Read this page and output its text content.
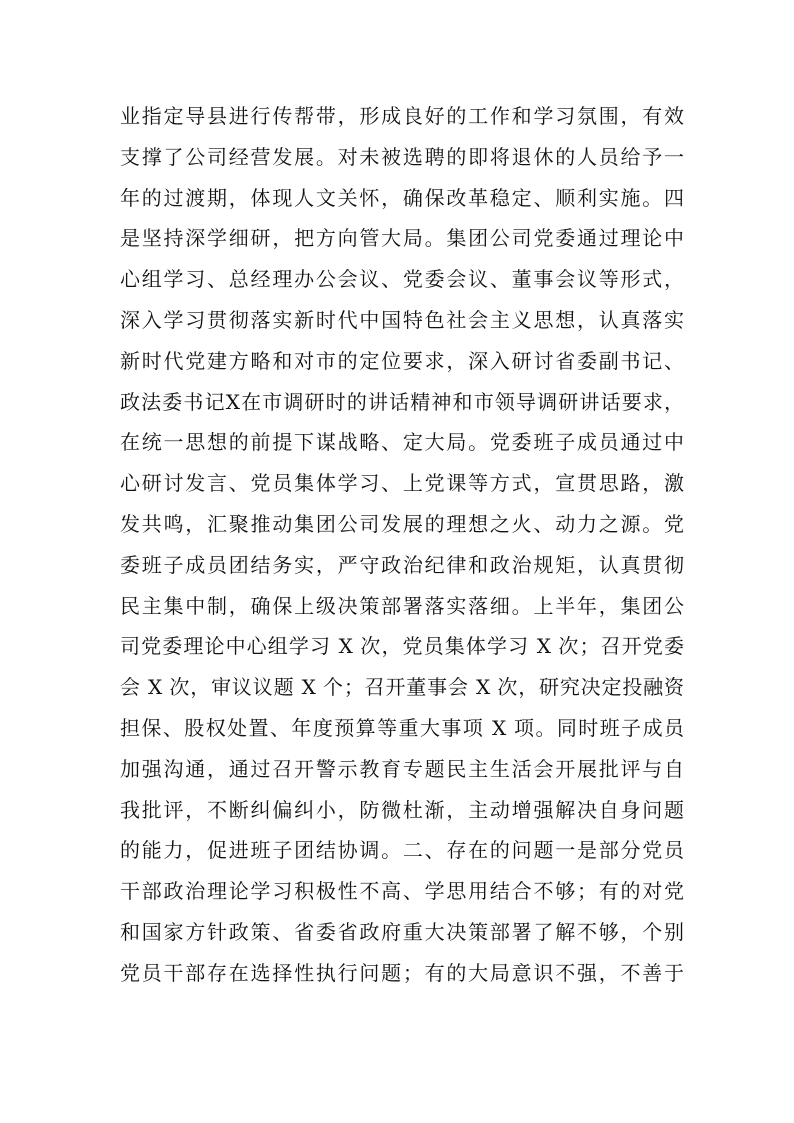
业指定导县进行传帮带，形成良好的工作和学习氛围，有效
支撑了公司经营发展。对未被选聘的即将退休的人员给予一
年的过渡期，体现人文关怀，确保改革稳定、顺利实施。四
是坚持深学细研，把方向管大局。集团公司党委通过理论中
心组学习、总经理办公会议、党委会议、董事会议等形式，
深入学习贯彻落实新时代中国特色社会主义思想，认真落实
新时代党建方略和对市的定位要求，深入研讨省委副书记、
政法委书记X在市调研时的讲话精神和市领导调研讲话要求，
在统一思想的前提下谋战略、定大局。党委班子成员通过中
心研讨发言、党员集体学习、上党课等方式，宣贯思路，激
发共鸣，汇聚推动集团公司发展的理想之火、动力之源。党
委班子成员团结务实，严守政治纪律和政治规矩，认真贯彻
民主集中制，确保上级决策部署落实落细。上半年，集团公
司党委理论中心组学习 X 次，党员集体学习 X 次；召开党委
会 X 次，审议议题 X 个；召开董事会 X 次，研究决定投融资
担保、股权处置、年度预算等重大事项 X 项。同时班子成员
加强沟通，通过召开警示教育专题民主生活会开展批评与自
我批评，不断纠偏纠小，防微杜渐，主动增强解决自身问题
的能力，促进班子团结协调。二、存在的问题一是部分党员
干部政治理论学习积极性不高、学思用结合不够；有的对党
和国家方针政策、省委省政府重大决策部署了解不够，个别
党员干部存在选择性执行问题；有的大局意识不强，不善于
